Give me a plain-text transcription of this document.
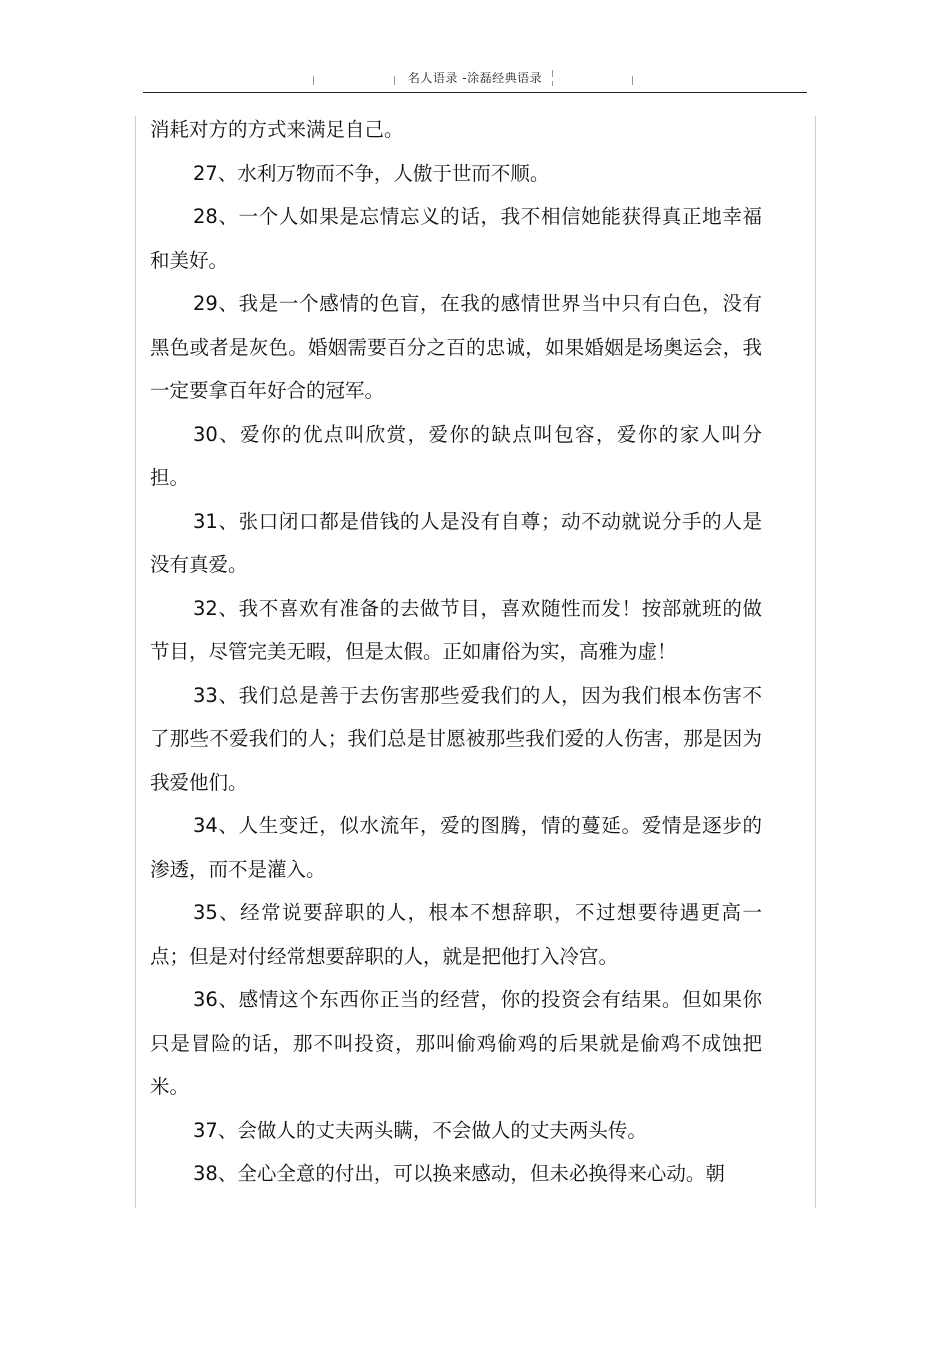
名人语录 -涂磊经典语录

消耗对方的方式来满足自己。

27、水利万物而不争，人傲于世而不顺。

28、一个人如果是忘情忘义的话，我不相信她能获得真正地幸福和美好。

29、我是一个感情的色盲，在我的感情世界当中只有白色，没有黑色或者是灰色。婚姻需要百分之百的忠诚，如果婚姻是场奥运会，我一定要拿百年好合的冠军。

30、爱你的优点叫欣赏，爱你的缺点叫包容，爱你的家人叫分担。

31、张口闭口都是借钱的人是没有自尊；动不动就说分手的人是没有真爱。

32、我不喜欢有准备的去做节目，喜欢随性而发！按部就班的做节目，尽管完美无暇，但是太假。正如庸俗为实，高雅为虚！

33、我们总是善于去伤害那些爱我们的人，因为我们根本伤害不了那些不爱我们的人；我们总是甘愿被那些我们爱的人伤害，那是因为我爱他们。

34、人生变迁，似水流年，爱的图腾，情的蔓延。爱情是逐步的渗透，而不是灌入。

35、经常说要辞职的人，根本不想辞职，不过想要待遇更高一点；但是对付经常想要辞职的人，就是把他打入冷宫。

36、感情这个东西你正当的经营，你的投资会有结果。但如果你只是冒险的话，那不叫投资，那叫偷鸡偷鸡的后果就是偷鸡不成蚀把米。

37、会做人的丈夫两头瞒，不会做人的丈夫两头传。

38、全心全意的付出，可以换来感动，但未必换得来心动。朝
